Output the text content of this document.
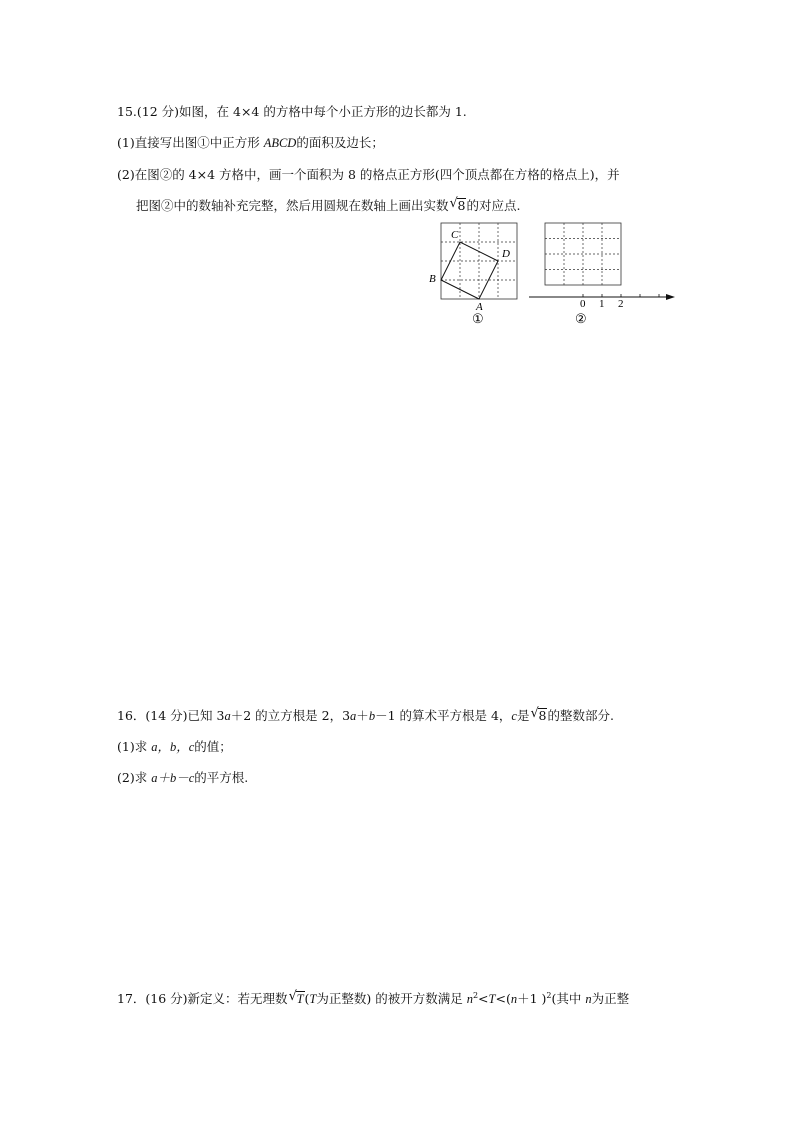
15.(12 分)如图，在 4×4 的方格中每个小正方形的边长都为 1.
(1)直接写出图①中正方形 ABCD的面积及边长；
(2)在图②的 4×4 方格中，画一个面积为 8 的格点正方形(四个顶点都在方格的格点上)，并
把图②中的数轴补充完整，然后用圆规在数轴上画出实数 √ 8的对应点.
C
D
B
A
①
0 1 2
②
16．(14 分)已知 3a＋2 的立方根是 2，3a＋b－1 的算术平方根是 4，c是 √ 8的整数部分.
(1)求 a，b，c的值；
(2)求 a＋b－c的平方根.
17．(16 分)新定义：若无理数 √ T(T为正整数) 的被开方数满足 $n^2<T<(n+1$ )$^2$(其中 n为正整
